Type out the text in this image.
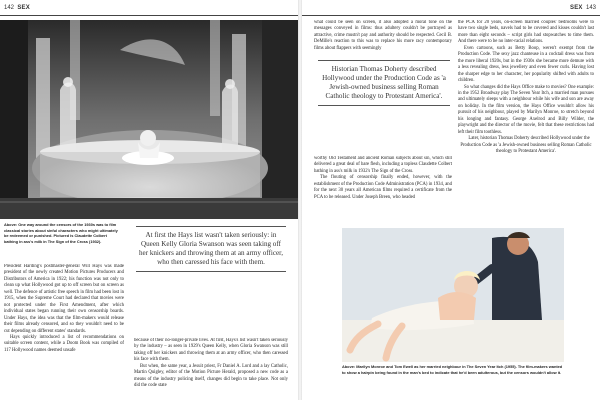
142 SEX
Above: One way around the censors of the 1930s was to film classical stories about sinful characters who might ultimately be redeemed or punished. Pictured is Claudette Colbert bathing in ass's milk in The Sign of the Cross (1932).

President Harding's postmaster-general Will Hays was made president of the newly created Motion Pictures Producers and Distributors of America in 1922; his function was not only to clean up what Hollywood got up to off screen but on screen as well. The defence of artistic free speech in film had been lost in 1915, when the Supreme Court had declared that movies were not protected under the First Amendment, after which individual states began running their own censorship boards. Under Hays, the idea was that the film-makers would release their films already censored, and so they wouldn't need to be cut depending on different states' standards.

Hays quickly introduced a list of recommendations on suitable screen content, while a Doom Book was compiled of 117 Hollywood names deemed unsafe

At first the Hays list wasn't taken seriously: in Queen Kelly Gloria Swanson was seen taking off her knickers and throwing them at an army officer, who then caressed his face with them.

because of their no-longer-private lives. At first, Hays's list wasn't taken seriously by the industry – as seen in 1929's Queen Kelly, when Gloria Swanson was still taking off her knickers and throwing them at an army officer, who then caressed his face with them.

But when, the same year, a Jesuit priest, Fr Daniel A. Lord and a lay Catholic, Martin Quigley, editor of the Motion Picture Herald, proposed a new code as a means of the industry policing itself, changes did begin to take place. Not only did the code state

SEX 143

what could be seen on screen, it also adopted a moral tone on the messages conveyed in films: thus adultery couldn't be portrayed as attractive, crime mustn't pay and authority should be respected. Cecil B. DeMille's reaction to this was to replace his more racy contemporary films about flappers with seemingly

Historian Thomas Doherty described Hollywood under the Production Code as 'a Jewish-owned business selling Roman Catholic theology to Protestant America'.

worthy Old Testament and ancient Roman subjects about sin, which still delivered a great deal of bare flesh, including a topless Claudette Colbert bathing in ass's milk in 1932's The Sign of the Cross.

The flouting of censorship finally ended, however, with the establishment of the Production Code Administration (PCA) in 1934, and for the next 30 years all American films required a certificate from the PCA to be released. Under Joseph Breen, who headed

the PCA for 20 years, on-screen married couples' bedrooms were to have two single beds, navels had to be covered and kisses couldn't last more than eight seconds – script girls had stopwatches to time them. And there were to be no inter-racial relations.

Even cartoons, such as Betty Boop, weren't exempt from the Production Code. The sexy jazz chanteuse in a cocktail dress was from the more liberal 1920s, but in the 1930s she became more demure with a less revealing dress, less jewellery and even fewer curls. Having lost the sharper edge to her character, her popularity shifted with adults to children.

So what changes did the Hays Office make to movies? One example: in the 1952 Broadway play The Seven Year Itch, a married man pursues and ultimately sleeps with a neighbour while his wife and son are away on holiday. In the film version, the Hays Office wouldn't allow his pursuit of his neighbour, played by Marilyn Monroe, to stretch beyond his longing and fantasy. George Axelrod and Billy Wilder, the playwright and the director of the movie, felt that these restrictions had left their film toothless.

Later, historian Thomas Doherty described Hollywood under the Production Code as 'a Jewish-owned business selling Roman Catholic theology to Protestant America'.

Above: Marilyn Monroe and Tom Ewell as her married neighbour in The Seven Year Itch (1955). The film-makers wanted to show a hairpin being found in the man's bed to indicate that he'd been adulterous, but the censors wouldn't allow it.
